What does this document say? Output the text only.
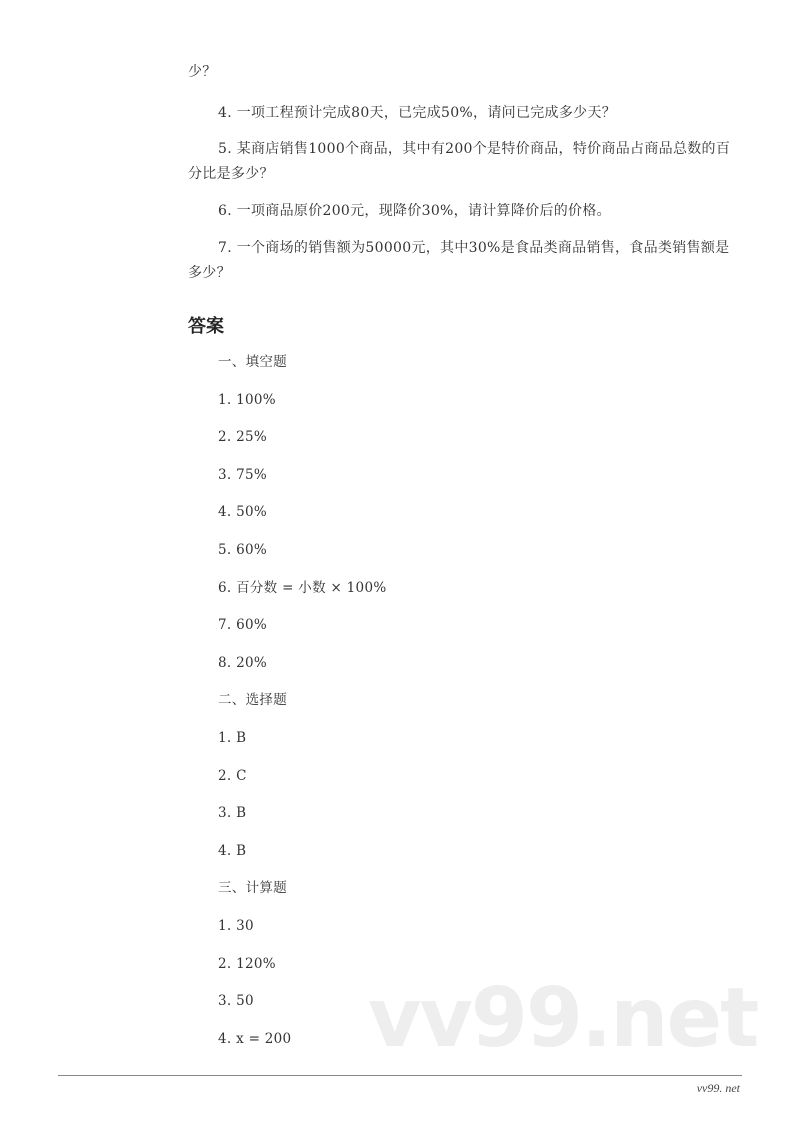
少？
4. 一项工程预计完成80天，已完成50%，请问已完成多少天？
5. 某商店销售1000个商品，其中有200个是特价商品，特价商品占商品总数的百分比是多少？
6. 一项商品原价200元，现降价30%，请计算降价后的价格。
7. 一个商场的销售额为50000元，其中30%是食品类商品销售，食品类销售额是多少？
答案
一、填空题
1. 100%
2. 25%
3. 75%
4. 50%
5. 60%
6. 百分数 = 小数 × 100%
7. 60%
8. 20%
二、选择题
1. B
2. C
3. B
4. B
三、计算题
1. 30
2. 120%
3. 50
4. x = 200 vv99.net
vv99. net
